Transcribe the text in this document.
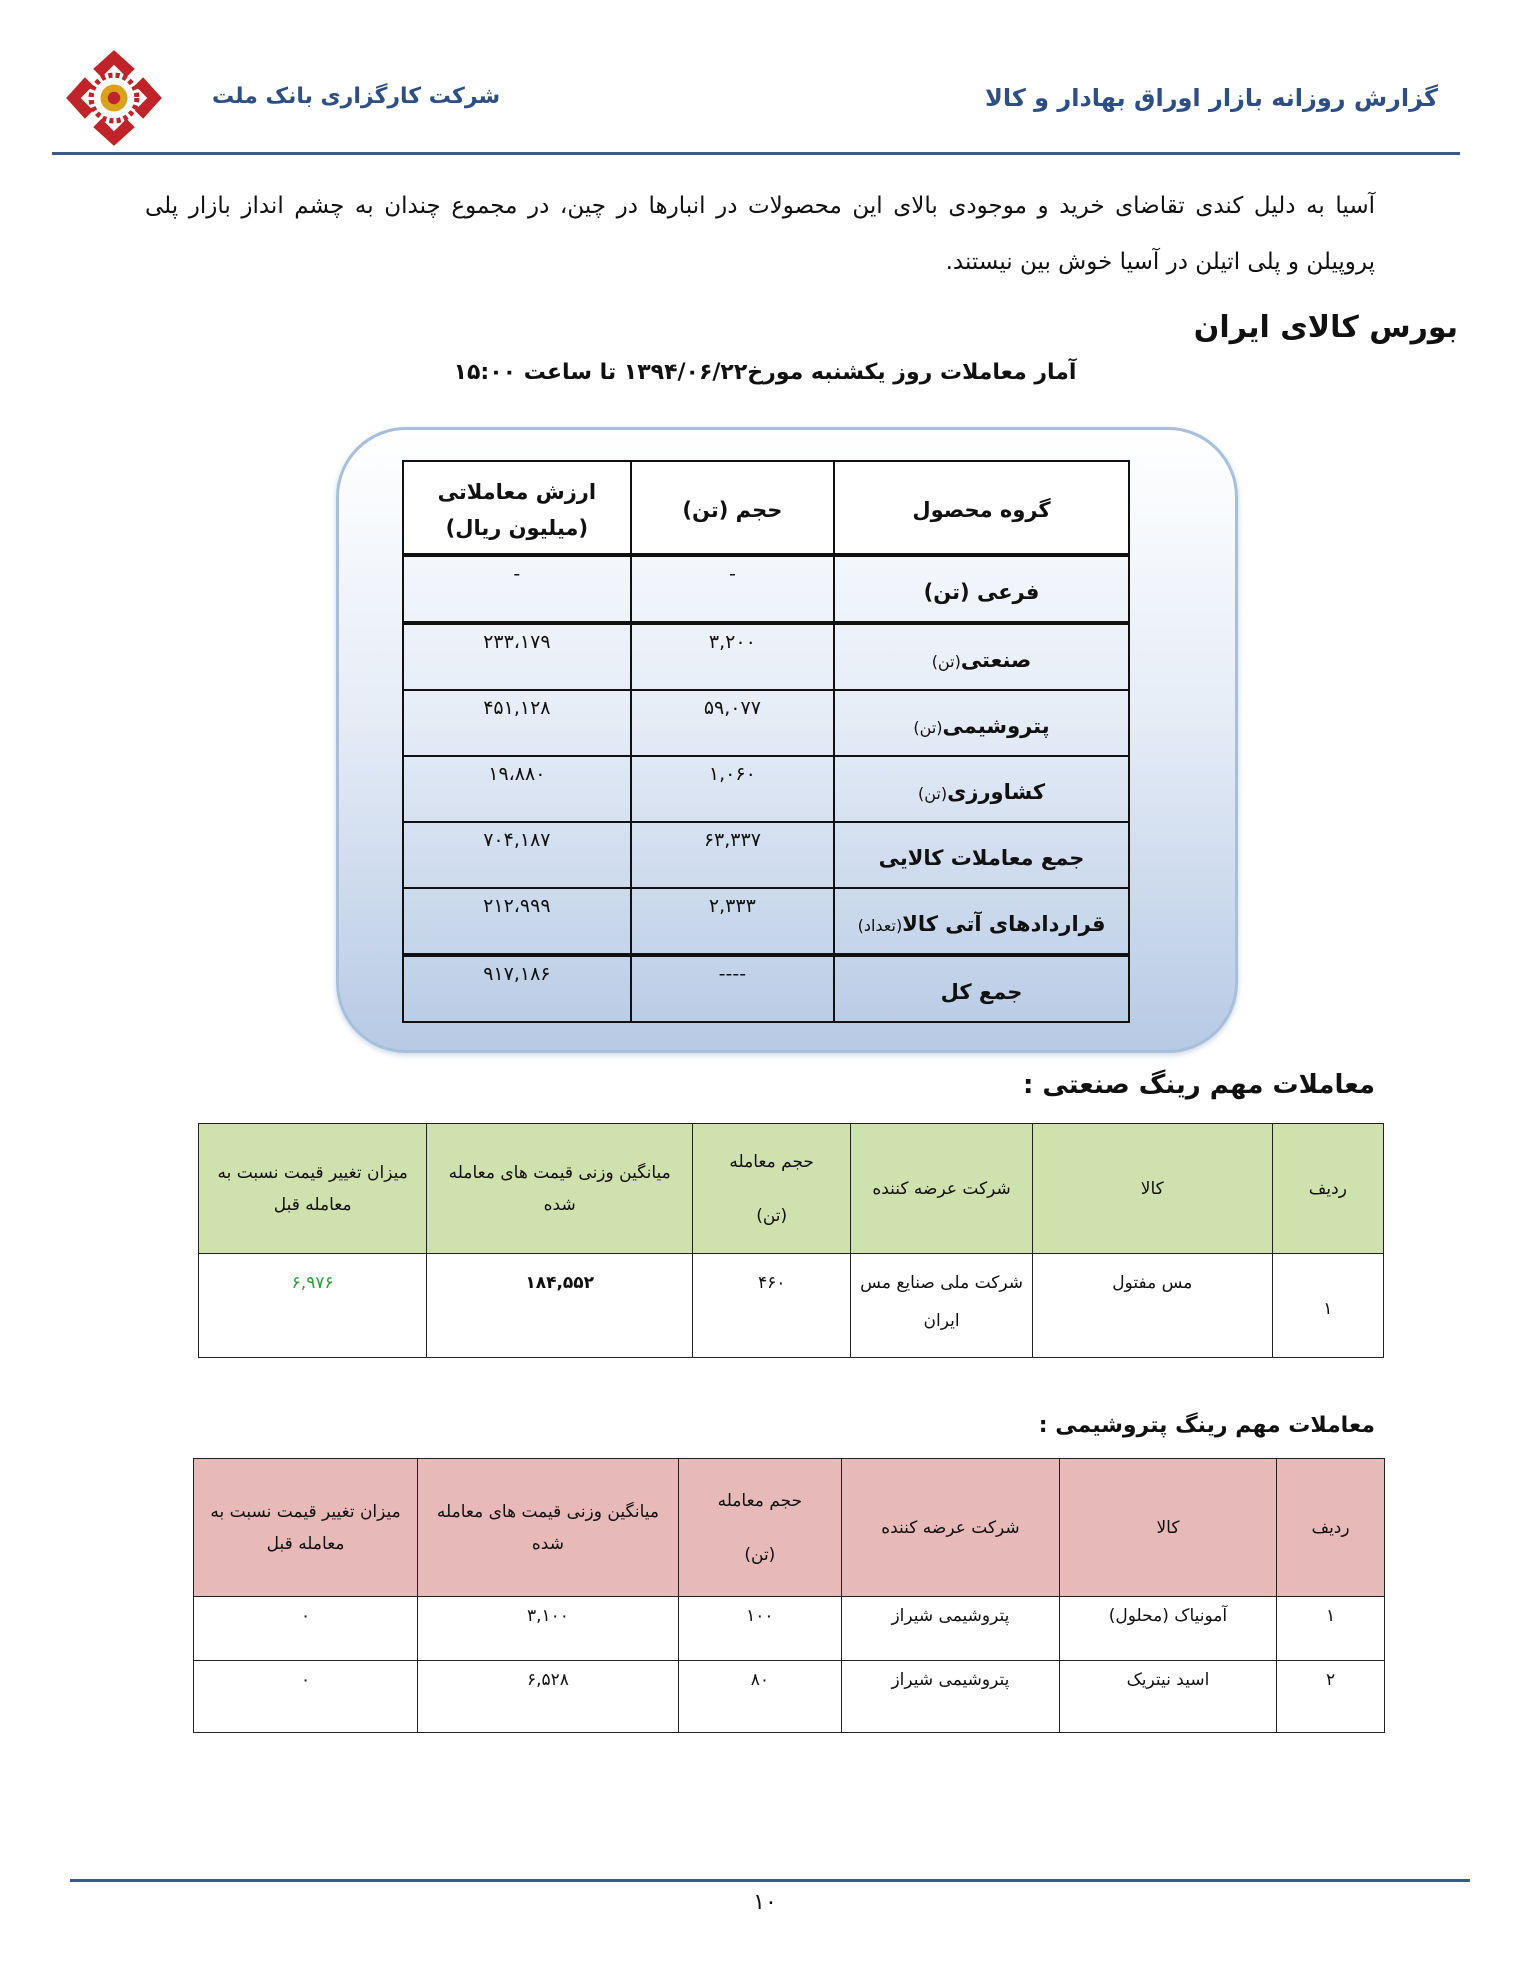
شرکت کارگزاری بانک ملت	گزارش روزانه بازار اوراق بهادار و کالا
آسیا به دلیل کندی تقاضای خرید و موجودی بالای این محصولات در انبارها در چین، در مجموع چندان به چشم انداز بازار پلی پروپیلن و پلی اتیلن در آسیا خوش بین نیستند.
بورس کالای ایران
آمار معاملات روز یکشنبه مورخ۱۳۹۴/۰۶/۲۲ تا ساعت ۱۵:۰۰
گروه محصول	حجم (تن)	ارزش معاملاتی
(میلیون ریال)
فرعی (تن)	-	-
صنعتی(تن)	۳,۲۰۰	۲۳۳،۱۷۹
پتروشیمی(تن)	۵۹,۰۷۷	۴۵۱,۱۲۸
کشاورزی(تن)	۱,۰۶۰	۱۹،۸۸۰
جمع معاملات کالایی	۶۳,۳۳۷	۷۰۴,۱۸۷
قراردادهای آتی کالا(تعداد)	۲,۳۳۳	۲۱۲،۹۹۹
جمع کل	----	۹۱۷,۱۸۶
معاملات مهم رینگ صنعتی :
ردیف	کالا	شرکت عرضه کننده	حجم معامله
(تن)	میانگین وزنی قیمت های معامله شده	میزان تغییر قیمت نسبت به معامله قبل
۱	مس مفتول	شرکت ملی صنایع مس ایران	۴۶۰	۱۸۴,۵۵۲	۶,۹۷۶
معاملات مهم رینگ پتروشیمی :
ردیف	کالا	شرکت عرضه کننده	حجم معامله
(تن)	میانگین وزنی قیمت های معامله شده	میزان تغییر قیمت نسبت به معامله قبل
۱	آمونیاک (محلول)	پتروشیمی شیراز	۱۰۰	۳,۱۰۰	۰
۲	اسید نیتریک	پتروشیمی شیراز	۸۰	۶,۵۲۸	۰
۱۰
